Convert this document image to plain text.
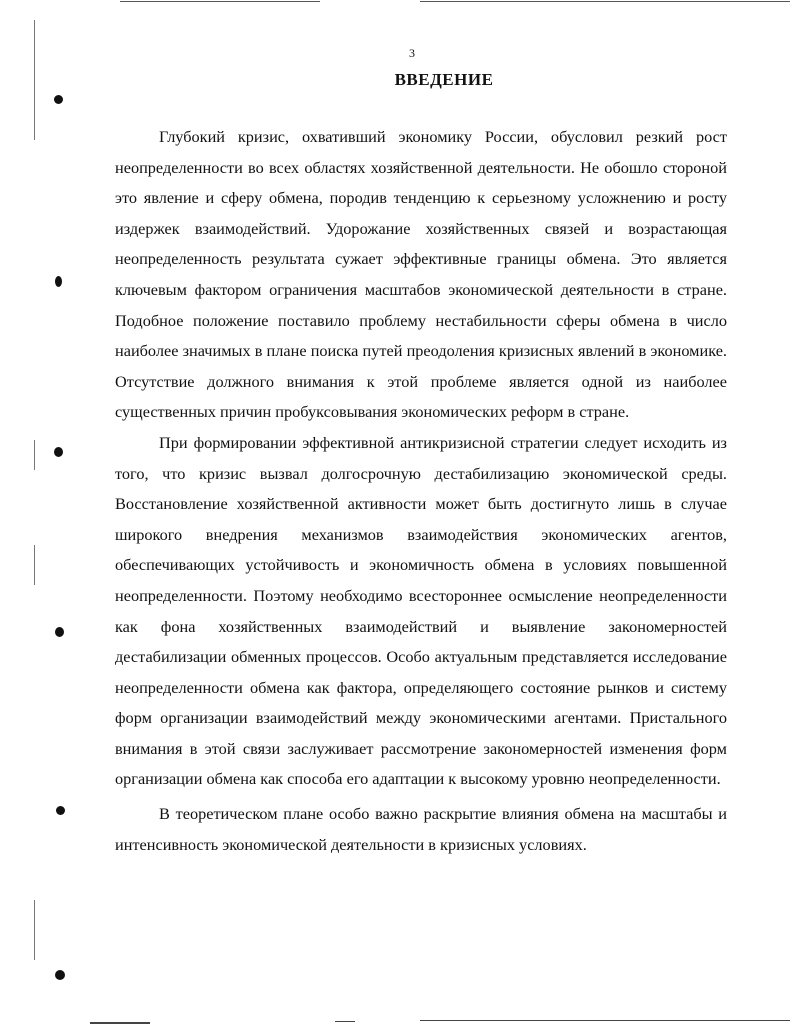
3
ВВЕДЕНИЕ

Глубокий кризис, охвативший экономику России, обусловил резкий рост неопределенности во всех областях хозяйственной деятельности. Не обошло стороной это явление и сферу обмена, породив тенденцию к серьезному усложнению и росту издержек взаимодействий. Удорожание хозяйственных связей и возрастающая неопределенность результата сужает эффективные границы обмена. Это является ключевым фактором ограничения масштабов экономической деятельности в стране. Подобное положение поставило проблему нестабильности сферы обмена в число наиболее значимых в плане поиска путей преодоления кризисных явлений в экономике. Отсутствие должного внимания к этой проблеме является одной из наиболее существенных причин пробуксовывания экономических реформ в стране.

При формировании эффективной антикризисной стратегии следует исходить из того, что кризис вызвал долгосрочную дестабилизацию экономической среды. Восстановление хозяйственной активности может быть достигнуто лишь в случае широкого внедрения механизмов взаимодействия экономических агентов, обеспечивающих устойчивость и экономичность обмена в условиях повышенной неопределенности. Поэтому необходимо всестороннее осмысление неопределенности как фона хозяйственных взаимодействий и выявление закономерностей дестабилизации обменных процессов. Особо актуальным представляется исследование неопределенности обмена как фактора, определяющего состояние рынков и систему форм организации взаимодействий между экономическими агентами. Пристального внимания в этой связи заслуживает рассмотрение закономерностей изменения форм организации обмена как способа его адаптации к высокому уровню неопределенности.

В теоретическом плане особо важно раскрытие влияния обмена на масштабы и интенсивность экономической деятельности в кризисных условиях.
